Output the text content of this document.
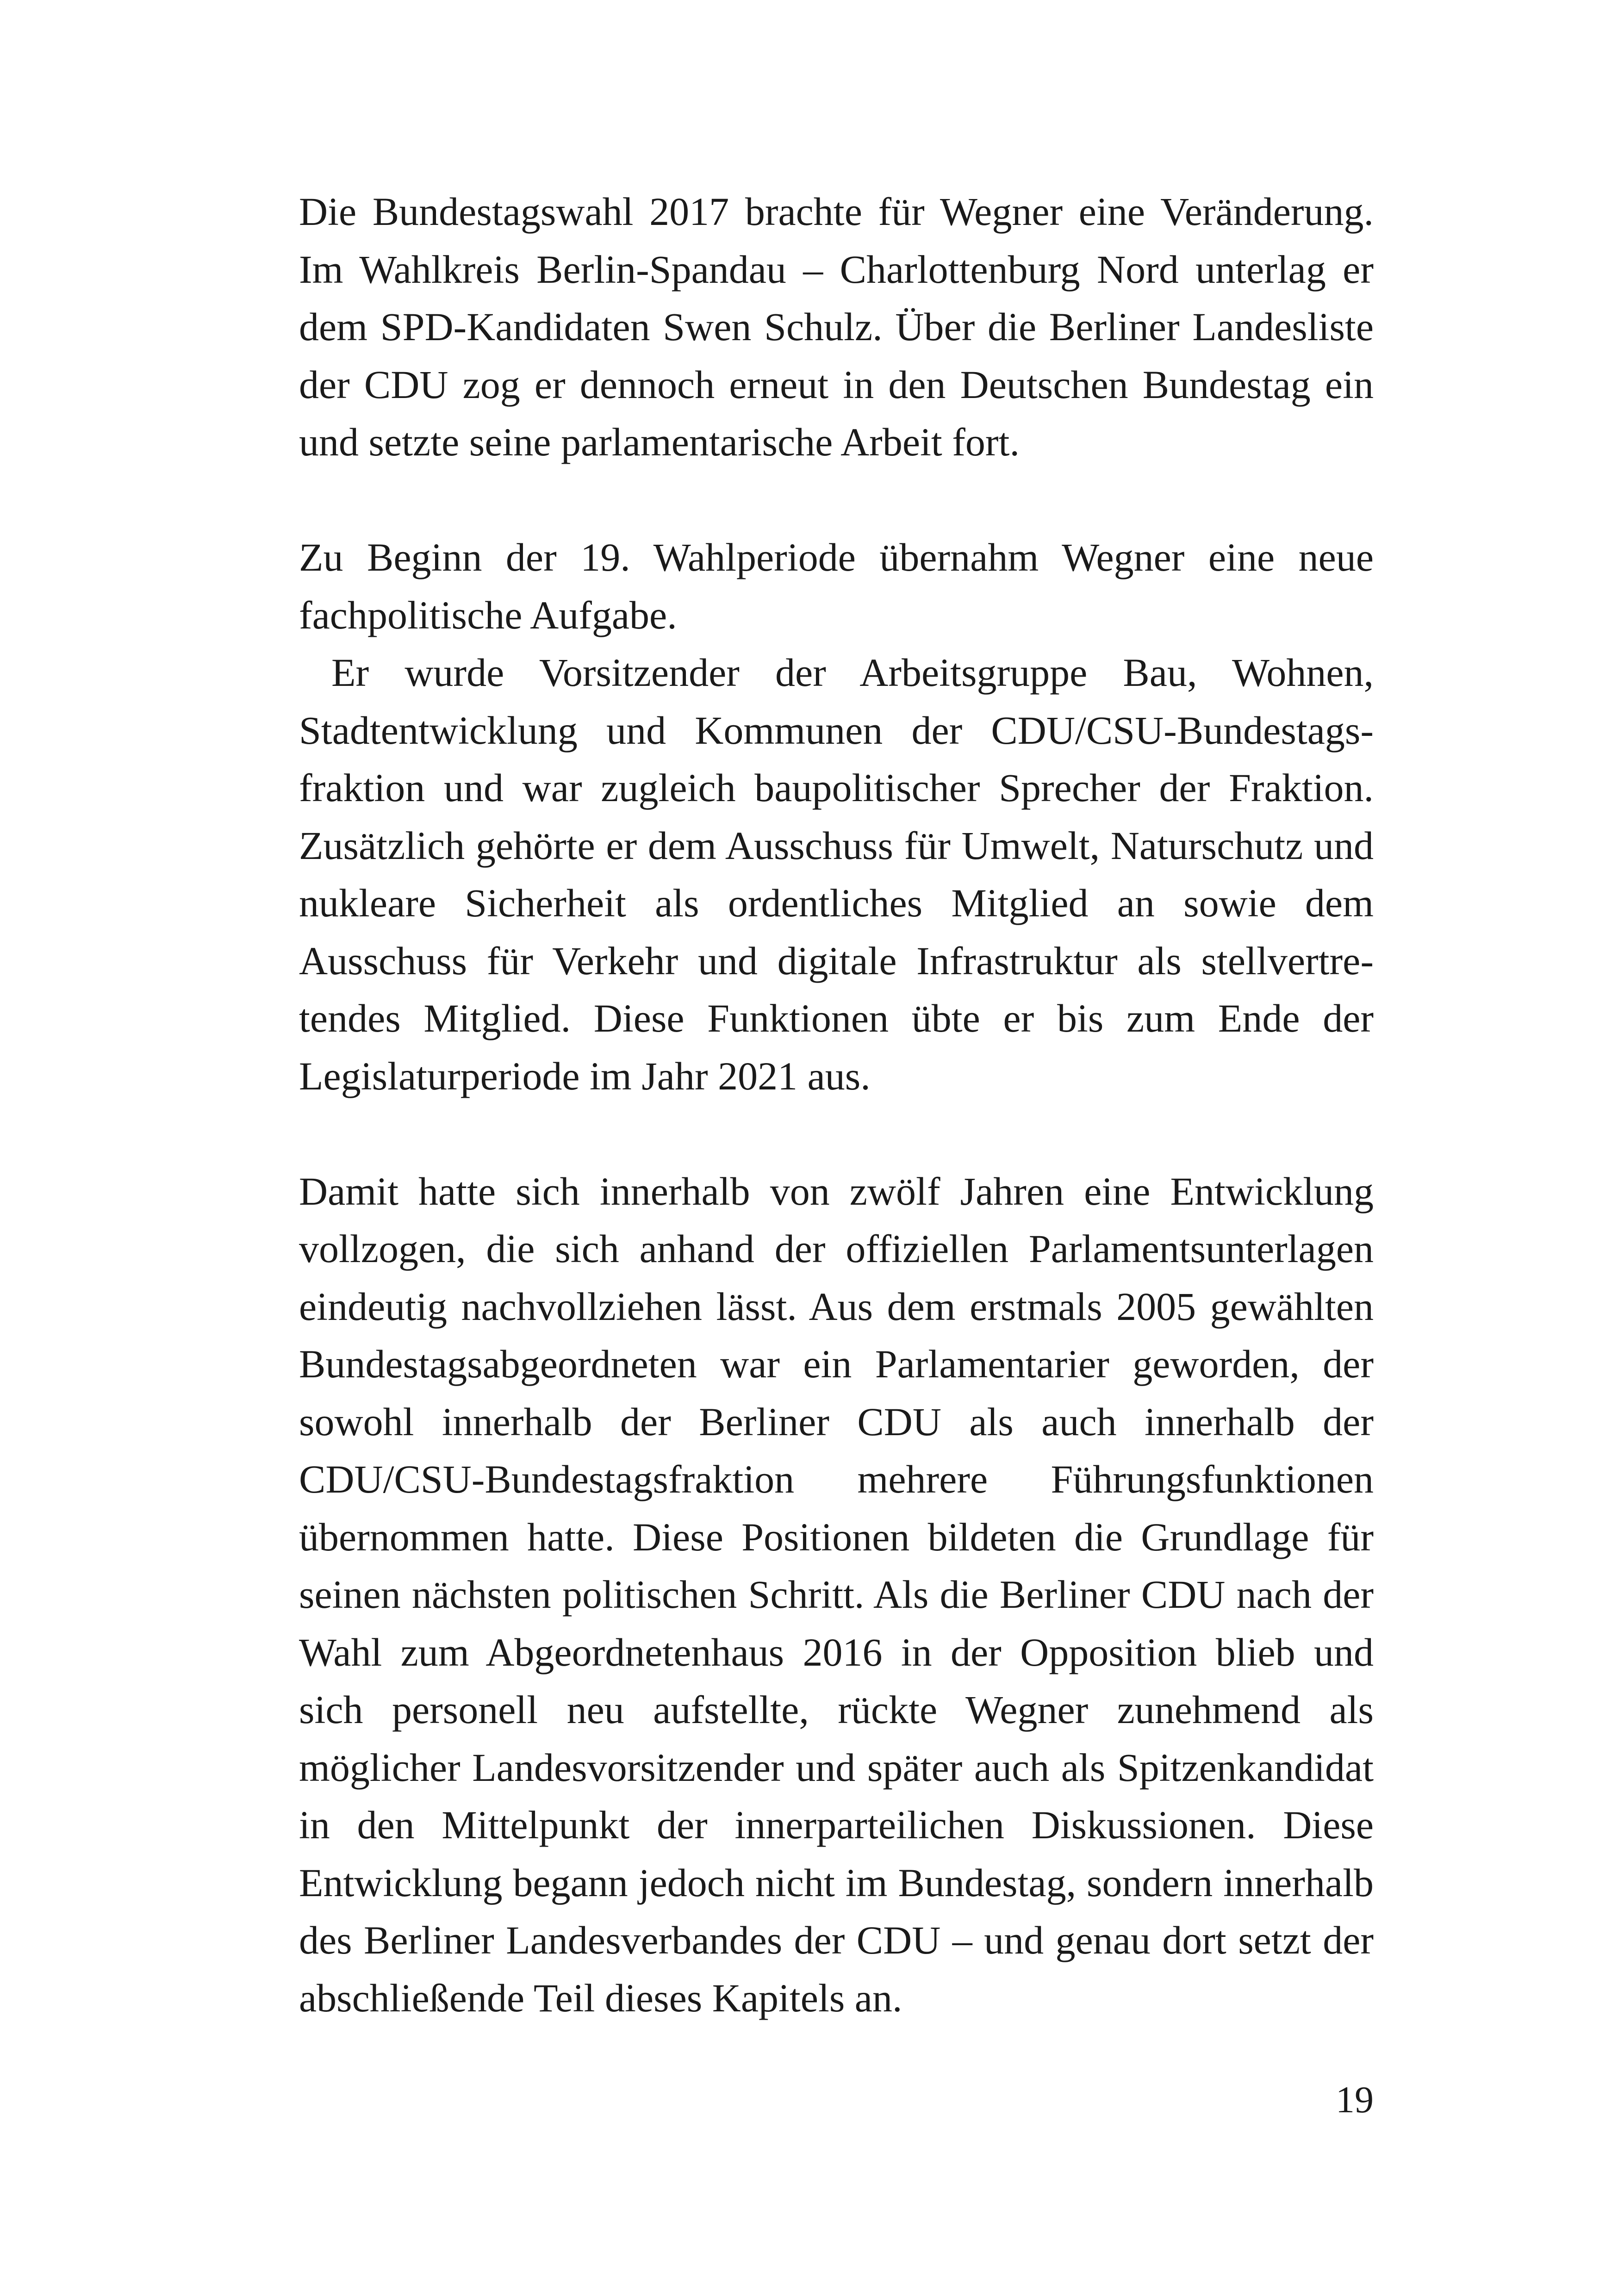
Die Bundestagswahl 2017 brachte für Wegner eine Veränderung. Im Wahlkreis Berlin-Spandau – Charlottenburg Nord unterlag er dem SPD-Kandidaten Swen Schulz. Über die Berliner Landesliste der CDU zog er dennoch erneut in den Deutschen Bundestag ein und setzte seine parlamentarische Arbeit fort.

Zu Beginn der 19. Wahlperiode übernahm Wegner eine neue fachpolitische Aufgabe.

Er wurde Vorsitzender der Arbeitsgruppe Bau, Wohnen, Stadtentwicklung und Kommunen der CDU/CSU-Bundestagsfraktion und war zugleich baupolitischer Sprecher der Fraktion. Zusätzlich gehörte er dem Ausschuss für Umwelt, Naturschutz und nukleare Sicherheit als ordentliches Mitglied an sowie dem Ausschuss für Verkehr und digitale Infrastruktur als stellvertretendes Mitglied. Diese Funktionen übte er bis zum Ende der Legislaturperiode im Jahr 2021 aus.

Damit hatte sich innerhalb von zwölf Jahren eine Entwicklung vollzogen, die sich anhand der offiziellen Parlamentsunterlagen eindeutig nachvollziehen lässt. Aus dem erstmals 2005 gewählten Bundestagsabgeordneten war ein Parlamentarier geworden, der sowohl innerhalb der Berliner CDU als auch innerhalb der CDU/CSU-Bundestagsfraktion mehrere Führungsfunktionen übernommen hatte. Diese Positionen bildeten die Grundlage für seinen nächsten politischen Schritt. Als die Berliner CDU nach der Wahl zum Abgeordnetenhaus 2016 in der Opposition blieb und sich personell neu aufstellte, rückte Wegner zunehmend als möglicher Landesvorsitzender und später auch als Spitzenkandidat in den Mittelpunkt der innerparteilichen Diskussionen. Diese Entwicklung begann jedoch nicht im Bundestag, sondern innerhalb des Berliner Landesverbandes der CDU – und genau dort setzt der abschließende Teil dieses Kapitels an.

19
